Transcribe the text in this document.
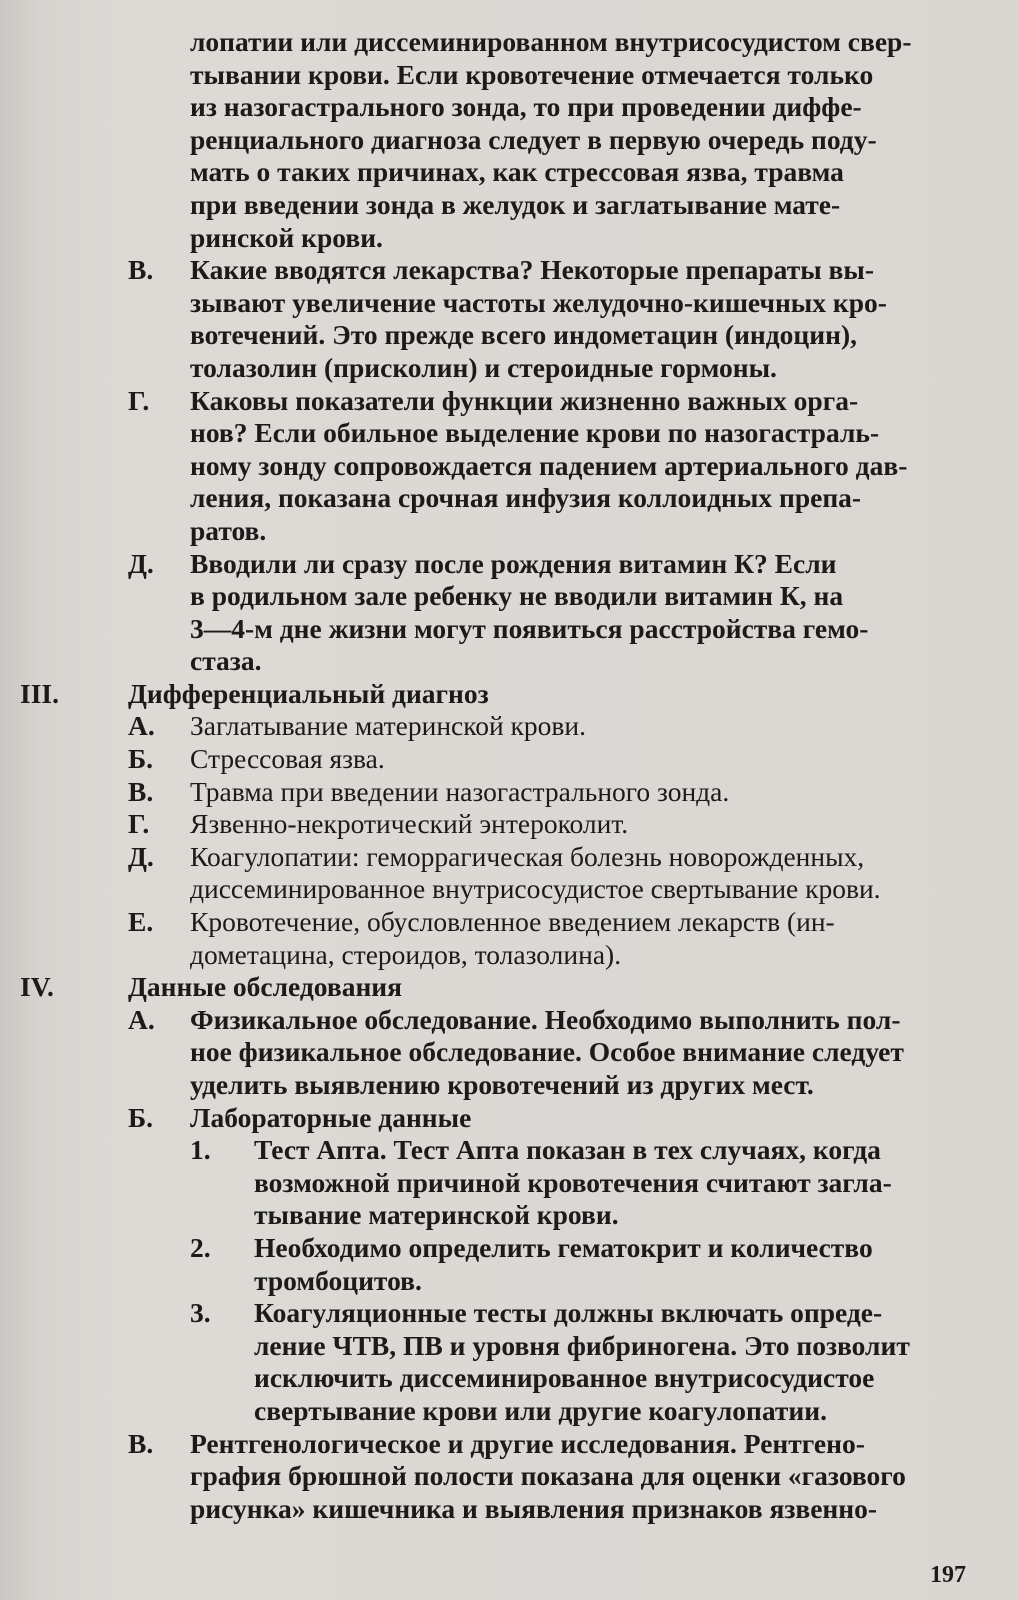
лопатии или диссеминированном внутрисосудистом свер-
тывании крови. Если кровотечение отмечается только
из назогастрального зонда, то при проведении диффе-
ренциального диагноза следует в первую очередь поду-
мать о таких причинах, как стрессовая язва, травма
при введении зонда в желудок и заглатывание мате-
ринской крови.
В. Какие вводятся лекарства? Некоторые препараты вы-
зывают увеличение частоты желудочно-кишечных кро-
вотечений. Это прежде всего индометацин (индоцин),
толазолин (присколин) и стероидные гормоны.
Г. Каковы показатели функции жизненно важных орга-
нов? Если обильное выделение крови по назогастраль-
ному зонду сопровождается падением артериального дав-
ления, показана срочная инфузия коллоидных препа-
ратов.
Д. Вводили ли сразу после рождения витамин К? Если
в родильном зале ребенку не вводили витамин К, на
3—4-м дне жизни могут появиться расстройства гемо-
стаза.
III.	Дифференциальный диагноз
А. Заглатывание материнской крови.
Б. Стрессовая язва.
В. Травма при введении назогастрального зонда.
Г. Язвенно-некротический энтероколит.
Д. Коагулопатии: геморрагическая болезнь новорожденных,
диссеминированное внутрисосудистое свертывание крови.
Е. Кровотечение, обусловленное введением лекарств (ин-
дометацина, стероидов, толазолина).
IV.	Данные обследования
А. Физикальное обследование. Необходимо выполнить пол-
ное физикальное обследование. Особое внимание следует
уделить выявлению кровотечений из других мест.
Б. Лабораторные данные
1. Тест Апта. Тест Апта показан в тех случаях, когда
возможной причиной кровотечения считают загла-
тывание материнской крови.
2. Необходимо определить гематокрит и количество
тромбоцитов.
3. Коагуляционные тесты должны включать опреде-
ление ЧТВ, ПВ и уровня фибриногена. Это позволит
исключить диссеминированное внутрисосудистое
свертывание крови или другие коагулопатии.
В. Рентгенологическое и другие исследования. Рентгено-
графия брюшной полости показана для оценки «газового
рисунка» кишечника и выявления признаков язвенно-
197
